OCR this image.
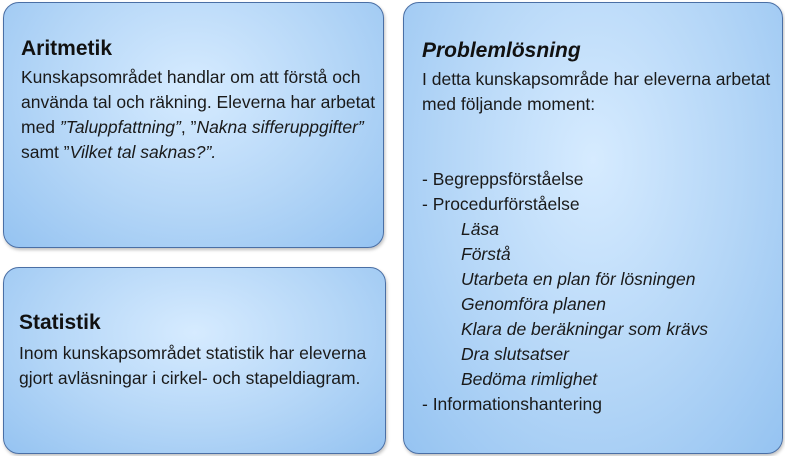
Aritmetik
Kunskapsområdet handlar om att förstå och använda tal och räkning. Eleverna har arbetat med ”Taluppfattning”, ”Nakna sifferuppgifter” samt ”Vilket tal saknas?”.
Statistik
Inom kunskapsområdet statistik har eleverna gjort avläsningar i cirkel- och stapeldiagram.
Problemlösning
I detta kunskapsområde har eleverna arbetat med följande moment:
- Begreppsförståelse
- Procedurförståelse
Läsa
Förstå
Utarbeta en plan för lösningen
Genomföra planen
Klara de beräkningar som krävs
Dra slutsatser
Bedöma rimlighet
- Informationshantering
